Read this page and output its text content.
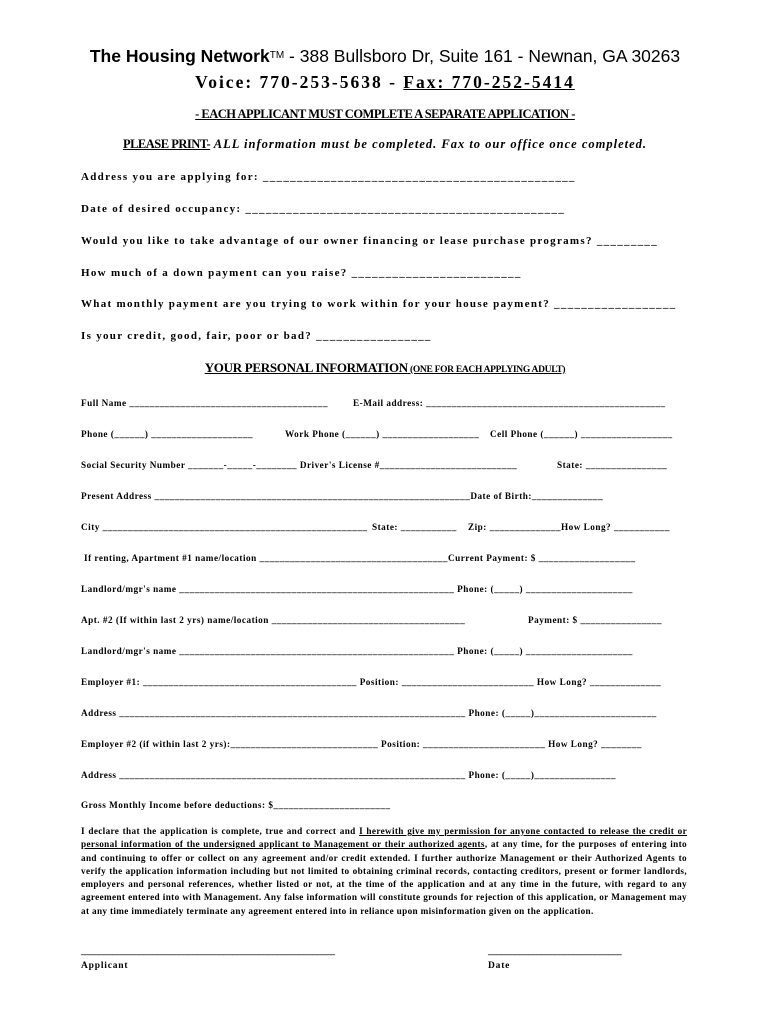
The Housing Network™ - 388 Bullsboro Dr, Suite 161 - Newnan, GA 30263
Voice: 770-253-5638 - Fax: 770-252-5414
- EACH APPLICANT MUST COMPLETE A SEPARATE APPLICATION -
PLEASE PRINT- ALL information must be completed. Fax to our office once completed.
Address you are applying for: ______________________________________________
Date of desired occupancy: _______________________________________________
Would you like to take advantage of our owner financing or lease purchase programs? _________
How much of a down payment can you raise? _________________________
What monthly payment are you trying to work within for your house payment? __________________
Is your credit, good, fair, poor or bad? _________________
YOUR PERSONAL INFORMATION (ONE FOR EACH APPLYING ADULT)
Full Name _______________________________________	E-Mail address: _______________________________________________
Phone (______) ____________________	Work Phone (______) ___________________ Cell Phone (______) __________________
Social Security Number _______-_____-________ Driver's License #___________________________	State: ________________
Present Address ______________________________________________________________Date of Birth:______________
City ____________________________________________________ State: ___________ Zip: ______________How Long? ___________
If renting, Apartment #1 name/location _____________________________________Current Payment: $ ___________________
Landlord/mgr's name ______________________________________________________ Phone: (_____) _____________________
Apt. #2 (If within last 2 yrs) name/location ______________________________________	Payment: $ ________________
Landlord/mgr's name ______________________________________________________ Phone: (_____) _____________________
Employer #1: __________________________________________ Position: __________________________ How Long? ______________
Address ____________________________________________________________________ Phone: (_____)________________________
Employer #2 (if within last 2 yrs):_____________________________ Position: ________________________ How Long? ________
Address ____________________________________________________________________ Phone: (_____)________________
Gross Monthly Income before deductions: $_______________________
I declare that the application is complete, true and correct and I herewith give my permission for anyone contacted to release the credit or personal information of the undersigned applicant to Management or their authorized agents, at any time, for the purposes of entering into and continuing to offer or collect on any agreement and/or credit extended. I further authorize Management or their Authorized Agents to verify the application information including but not limited to obtaining criminal records, contacting creditors, present or former landlords, employers and personal references, whether listed or not, at the time of the application and at any time in the future, with regard to any agreement entered into with Management. Any false information will constitute grounds for rejection of this application, or Management may at any time immediately terminate any agreement entered into in reliance upon misinformation given on the application.
_________________________________________________________
Applicant
______________________________
Date
